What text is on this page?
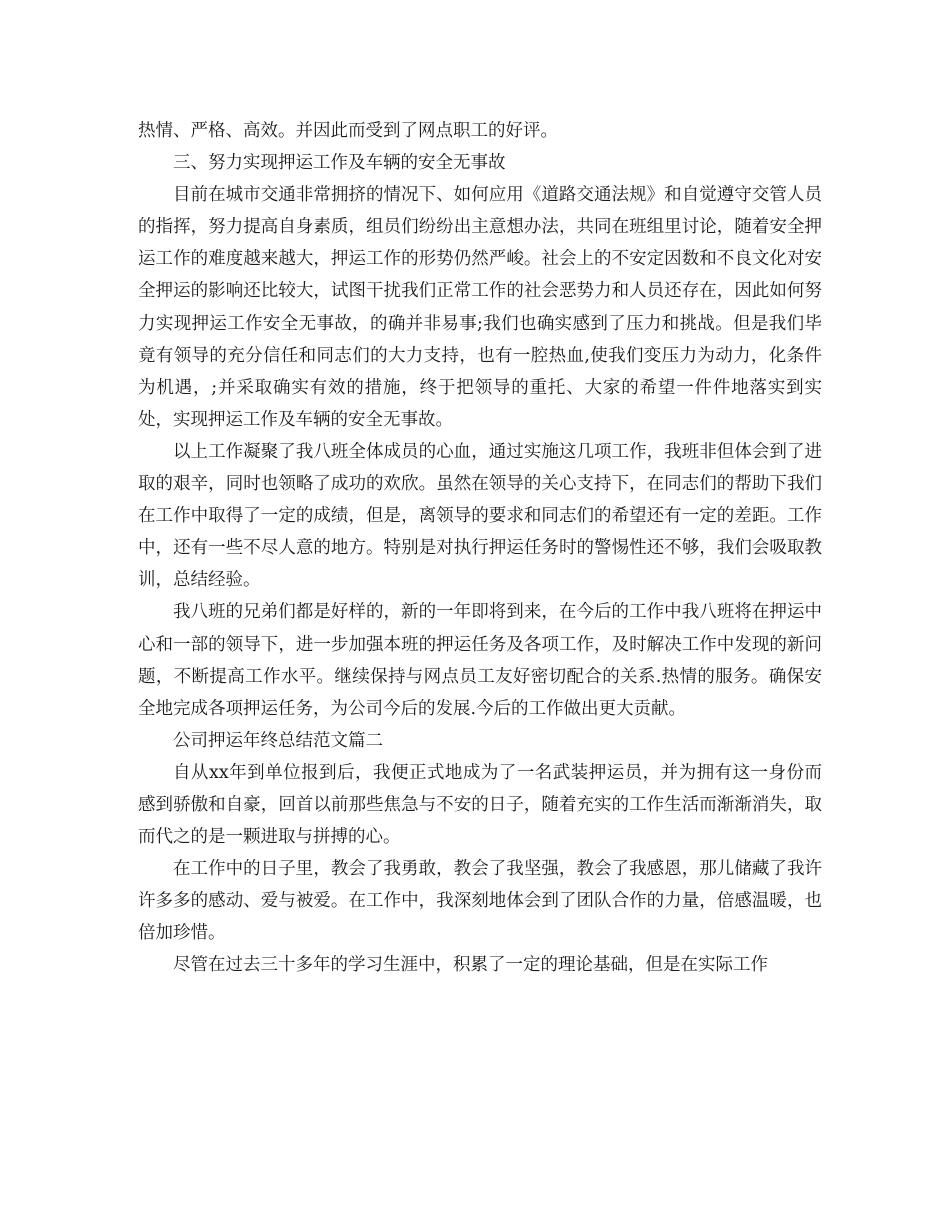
热情、严格、高效。并因此而受到了网点职工的好评。

三、努力实现押运工作及车辆的安全无事故

目前在城市交通非常拥挤的情况下、如何应用《道路交通法规》和自觉遵守交管人员的指挥，努力提高自身素质，组员们纷纷出主意想办法，共同在班组里讨论，随着安全押运工作的难度越来越大，押运工作的形势仍然严峻。社会上的不安定因数和不良文化对安全押运的影响还比较大，试图干扰我们正常工作的社会恶势力和人员还存在，因此如何努力实现押运工作安全无事故，的确并非易事;我们也确实感到了压力和挑战。但是我们毕竟有领导的充分信任和同志们的大力支持，也有一腔热血,使我们变压力为动力，化条件为机遇，;并采取确实有效的措施，终于把领导的重托、大家的希望一件件地落实到实处，实现押运工作及车辆的安全无事故。

以上工作凝聚了我八班全体成员的心血，通过实施这几项工作，我班非但体会到了进取的艰辛，同时也领略了成功的欢欣。虽然在领导的关心支持下，在同志们的帮助下我们在工作中取得了一定的成绩，但是，离领导的要求和同志们的希望还有一定的差距。工作中，还有一些不尽人意的地方。特别是对执行押运任务时的警惕性还不够，我们会吸取教训，总结经验。

我八班的兄弟们都是好样的，新的一年即将到来，在今后的工作中我八班将在押运中心和一部的领导下，进一步加强本班的押运任务及各项工作，及时解决工作中发现的新问题，不断提高工作水平。继续保持与网点员工友好密切配合的关系.热情的服务。确保安全地完成各项押运任务，为公司今后的发展.今后的工作做出更大贡献。

公司押运年终总结范文篇二

自从xx年到单位报到后，我便正式地成为了一名武装押运员，并为拥有这一身份而感到骄傲和自豪，回首以前那些焦急与不安的日子，随着充实的工作生活而渐渐消失，取而代之的是一颗进取与拼搏的心。

在工作中的日子里，教会了我勇敢，教会了我坚强，教会了我感恩，那儿储藏了我许许多多的感动、爱与被爱。在工作中，我深刻地体会到了团队合作的力量，倍感温暖，也倍加珍惜。

尽管在过去三十多年的学习生涯中，积累了一定的理论基础，但是在实际工作
